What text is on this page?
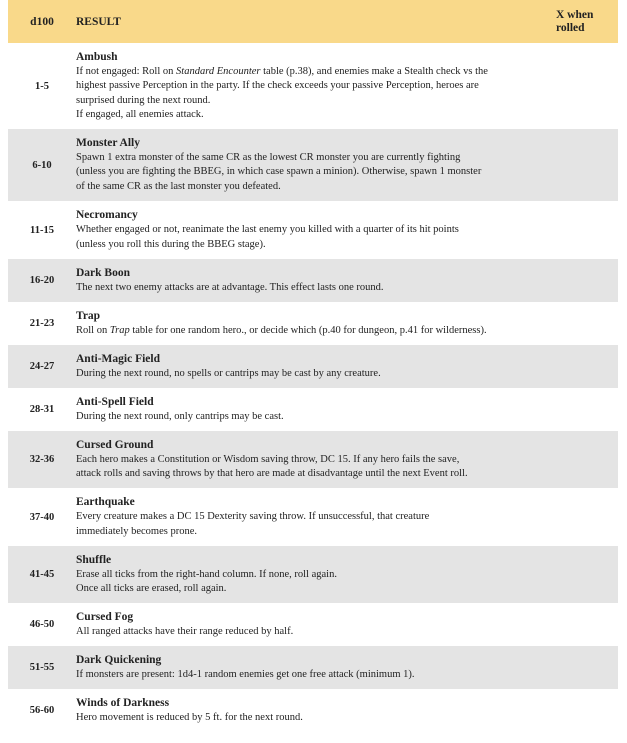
d100	RESULT
X when
rolled
1-5
Ambush
If not engaged: Roll on Standard Encounter table (p.38), and enemies make a Stealth check vs the
highest passive Perception in the party. If the check exceeds your passive Perception, heroes are
surprised during the next round.
If engaged, all enemies attack.
6-10
Monster Ally
Spawn 1 extra monster of the same CR as the lowest CR monster you are currently fighting
(unless you are fighting the BBEG, in which case spawn a minion). Otherwise, spawn 1 monster
of the same CR as the last monster you defeated.
11-15
Necromancy
Whether engaged or not, reanimate the last enemy you killed with a quarter of its hit points
(unless you roll this during the BBEG stage).
16-20
Dark Boon
The next two enemy attacks are at advantage. This effect lasts one round.
21-23
Trap
Roll on Trap table for one random hero., or decide which (p.40 for dungeon, p.41 for wilderness).
24-27
Anti-Magic Field
During the next round, no spells or cantrips may be cast by any creature.
28-31
Anti-Spell Field
During the next round, only cantrips may be cast.
32-36
Cursed Ground
Each hero makes a Constitution or Wisdom saving throw, DC 15. If any hero fails the save,
attack rolls and saving throws by that hero are made at disadvantage until the next Event roll.
37-40
Earthquake
Every creature makes a DC 15 Dexterity saving throw. If unsuccessful, that creature
immediately becomes prone.
41-45
Shuffle
Erase all ticks from the right-hand column. If none, roll again.
Once all ticks are erased, roll again.
46-50
Cursed Fog
All ranged attacks have their range reduced by half.
51-55
Dark Quickening
If monsters are present: 1d4-1 random enemies get one free attack (minimum 1).
56-60
Winds of Darkness
Hero movement is reduced by 5 ft. for the next round.
